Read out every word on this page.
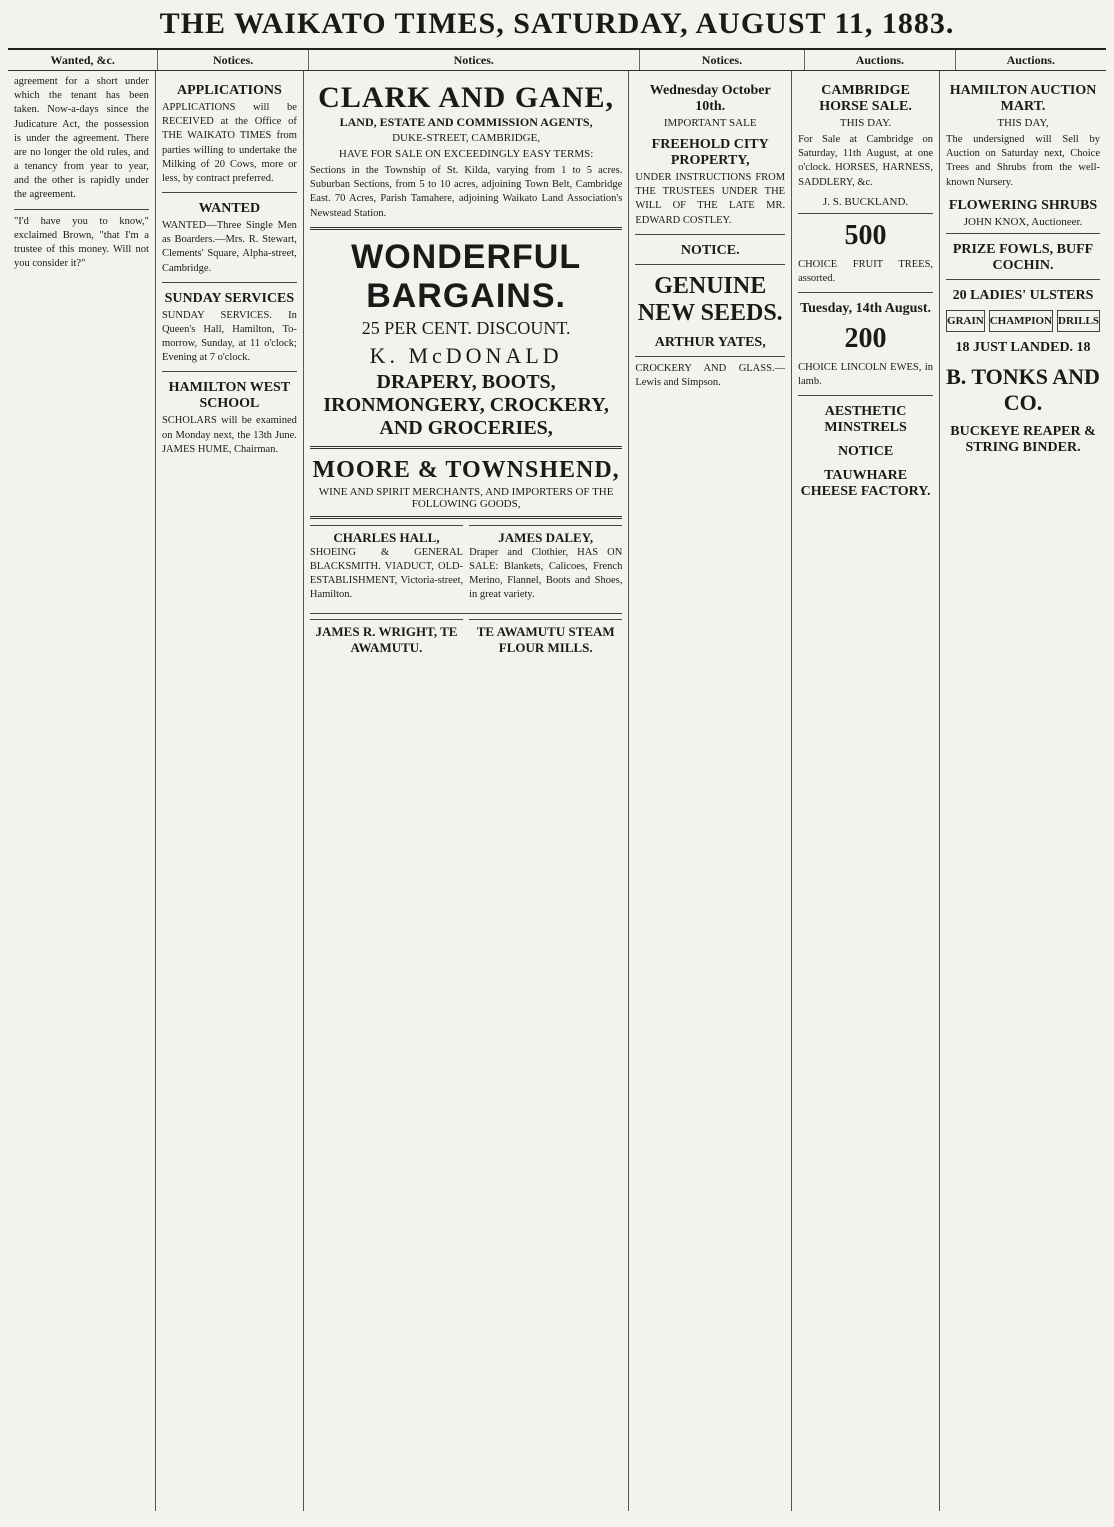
THE WAIKATO TIMES, SATURDAY, AUGUST 11, 1883.
Wanted, &c.	Notices.	Notices.	Notices.	Auctions.	Auctions.
agreement for a short under which the tenant has been taken. Now-a-days since the Judicature Act, the possession is under the agreement. There are no longer the old rules, and a tenancy from year to year, and the other is rapidly under the agreement.
"I'd have you to know," exclaimed Brown, "that I'm a trustee of this money. Will not you consider it?"
APPLICATIONS
APPLICATIONS will be RECEIVED at the Office of THE WAIKATO TIMES from parties willing to undertake the Milking of 20 Cows, more or less, by contract preferred.
WANTED
WANTED—Three Single Men as Boarders.—Mrs. R. Stewart, Clements' Square, Alpha-street, Cambridge.
SUNDAY SERVICES
SUNDAY SERVICES. In Queen's Hall, Hamilton, To-morrow, Sunday, at 11 o'clock; Evening at 7 o'clock.
HAMILTON WEST SCHOOL
SCHOLARS will be examined on Monday next, the 13th June. JAMES HUME, Chairman.
CLARK AND GANE,
LAND, ESTATE AND COMMISSION AGENTS,
DUKE-STREET, CAMBRIDGE,
HAVE FOR SALE ON EXCEEDINGLY EASY TERMS:
Sections in the Township of St. Kilda, varying from 1 to 5 acres. Suburban Sections, from 5 to 10 acres, adjoining Town Belt, Cambridge East. 70 Acres, Parish Tamahere, adjoining Waikato Land Association's Newstead Station.
WONDERFUL BARGAINS.
25 PER CENT. DISCOUNT.
K. McDONALD
DRAPERY, BOOTS, IRONMONGERY, CROCKERY, AND GROCERIES,
MOORE & TOWNSHEND,
WINE AND SPIRIT MERCHANTS, AND IMPORTERS OF THE FOLLOWING GOODS,
CHARLES HALL,
SHOEING & GENERAL BLACKSMITH. VIADUCT, OLD-ESTABLISHMENT, Victoria-street, Hamilton.
JAMES DALEY,
Draper and Clothier, HAS ON SALE: Blankets, Calicoes, French Merino, Flannel, Boots and Shoes, in great variety.
JAMES R. WRIGHT, TE AWAMUTU.
TE AWAMUTU STEAM FLOUR MILLS.
Wednesday October 10th.
IMPORTANT SALE
FREEHOLD CITY PROPERTY,
UNDER INSTRUCTIONS FROM THE TRUSTEES UNDER THE WILL OF THE LATE MR. EDWARD COSTLEY.
NOTICE.
GENUINE NEW SEEDS.
ARTHUR YATES,
CROCKERY AND GLASS.—Lewis and Simpson.
CAMBRIDGE HORSE SALE.
THIS DAY.
For Sale at Cambridge on Saturday, 11th August, at one o'clock. HORSES, HARNESS, SADDLERY, &c.
J. S. BUCKLAND.
500
CHOICE FRUIT TREES, assorted.
Tuesday, 14th August.
200
CHOICE LINCOLN EWES, in lamb.
AESTHETIC MINSTRELS
NOTICE
TAUWHARE CHEESE FACTORY.
HAMILTON AUCTION MART.
THIS DAY,
The undersigned will Sell by Auction on Saturday next, Choice Trees and Shrubs from the well-known Nursery.
FLOWERING SHRUBS
JOHN KNOX, Auctioneer.
PRIZE FOWLS, BUFF COCHIN.
20 LADIES' ULSTERS
GRAIN CHAMPION DRILLS
18 JUST LANDED. 18
B. TONKS AND CO.
BUCKEYE REAPER & STRING BINDER.
